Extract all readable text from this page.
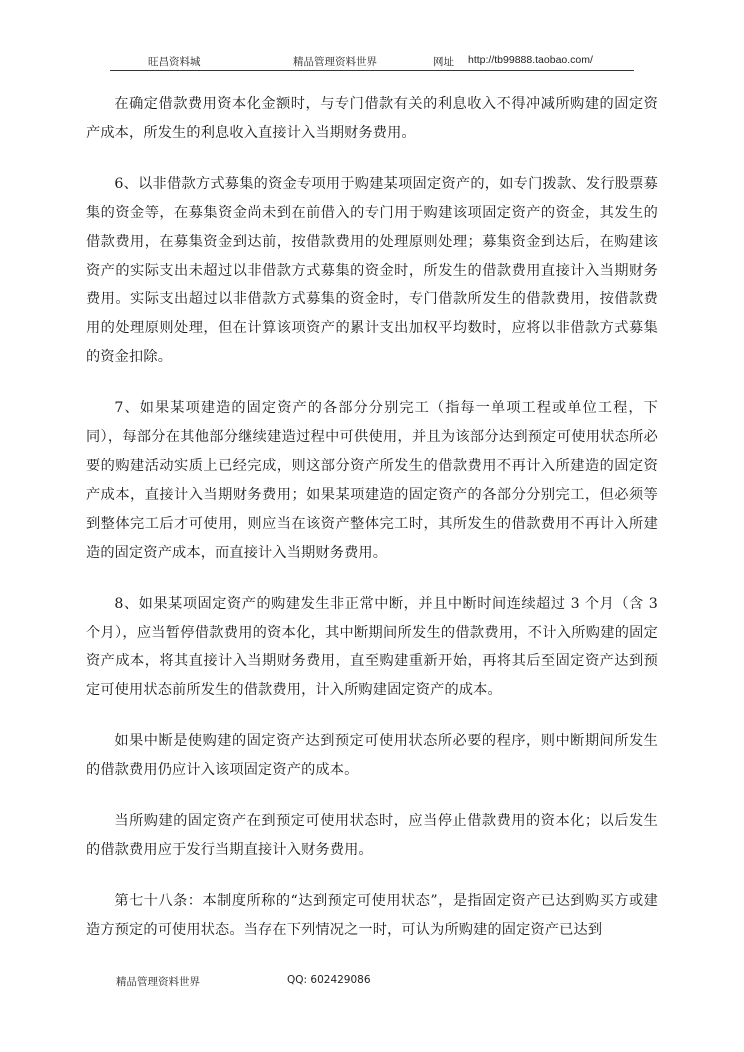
旺昌资料城	精品管理资料世界	网址 http://tb99888.taobao.com/

在确定借款费用资本化金额时，与专门借款有关的利息收入不得冲减所购建的固定资产成本，所发生的利息收入直接计入当期财务费用。

6、以非借款方式募集的资金专项用于购建某项固定资产的，如专门拨款、发行股票募集的资金等，在募集资金尚未到在前借入的专门用于购建该项固定资产的资金，其发生的借款费用，在募集资金到达前，按借款费用的处理原则处理；募集资金到达后，在购建该资产的实际支出未超过以非借款方式募集的资金时，所发生的借款费用直接计入当期财务费用。实际支出超过以非借款方式募集的资金时，专门借款所发生的借款费用，按借款费用的处理原则处理，但在计算该项资产的累计支出加权平均数时，应将以非借款方式募集的资金扣除。

7、如果某项建造的固定资产的各部分分别完工（指每一单项工程或单位工程，下同），每部分在其他部分继续建造过程中可供使用，并且为该部分达到预定可使用状态所必要的购建活动实质上已经完成，则这部分资产所发生的借款费用不再计入所建造的固定资产成本，直接计入当期财务费用；如果某项建造的固定资产的各部分分别完工，但必须等到整体完工后才可使用，则应当在该资产整体完工时，其所发生的借款费用不再计入所建造的固定资产成本，而直接计入当期财务费用。

8、如果某项固定资产的购建发生非正常中断，并且中断时间连续超过 3 个月（含 3 个月），应当暂停借款费用的资本化，其中断期间所发生的借款费用，不计入所购建的固定资产成本，将其直接计入当期财务费用，直至购建重新开始，再将其后至固定资产达到预定可使用状态前所发生的借款费用，计入所购建固定资产的成本。

如果中断是使购建的固定资产达到预定可使用状态所必要的程序，则中断期间所发生的借款费用仍应计入该项固定资产的成本。

当所购建的固定资产在到预定可使用状态时，应当停止借款费用的资本化；以后发生的借款费用应于发行当期直接计入财务费用。

第七十八条：本制度所称的“达到预定可使用状态”，是指固定资产已达到购买方或建造方预定的可使用状态。当存在下列情况之一时，可认为所购建的固定资产已达到

精品管理资料世界	QQ: 602429086
